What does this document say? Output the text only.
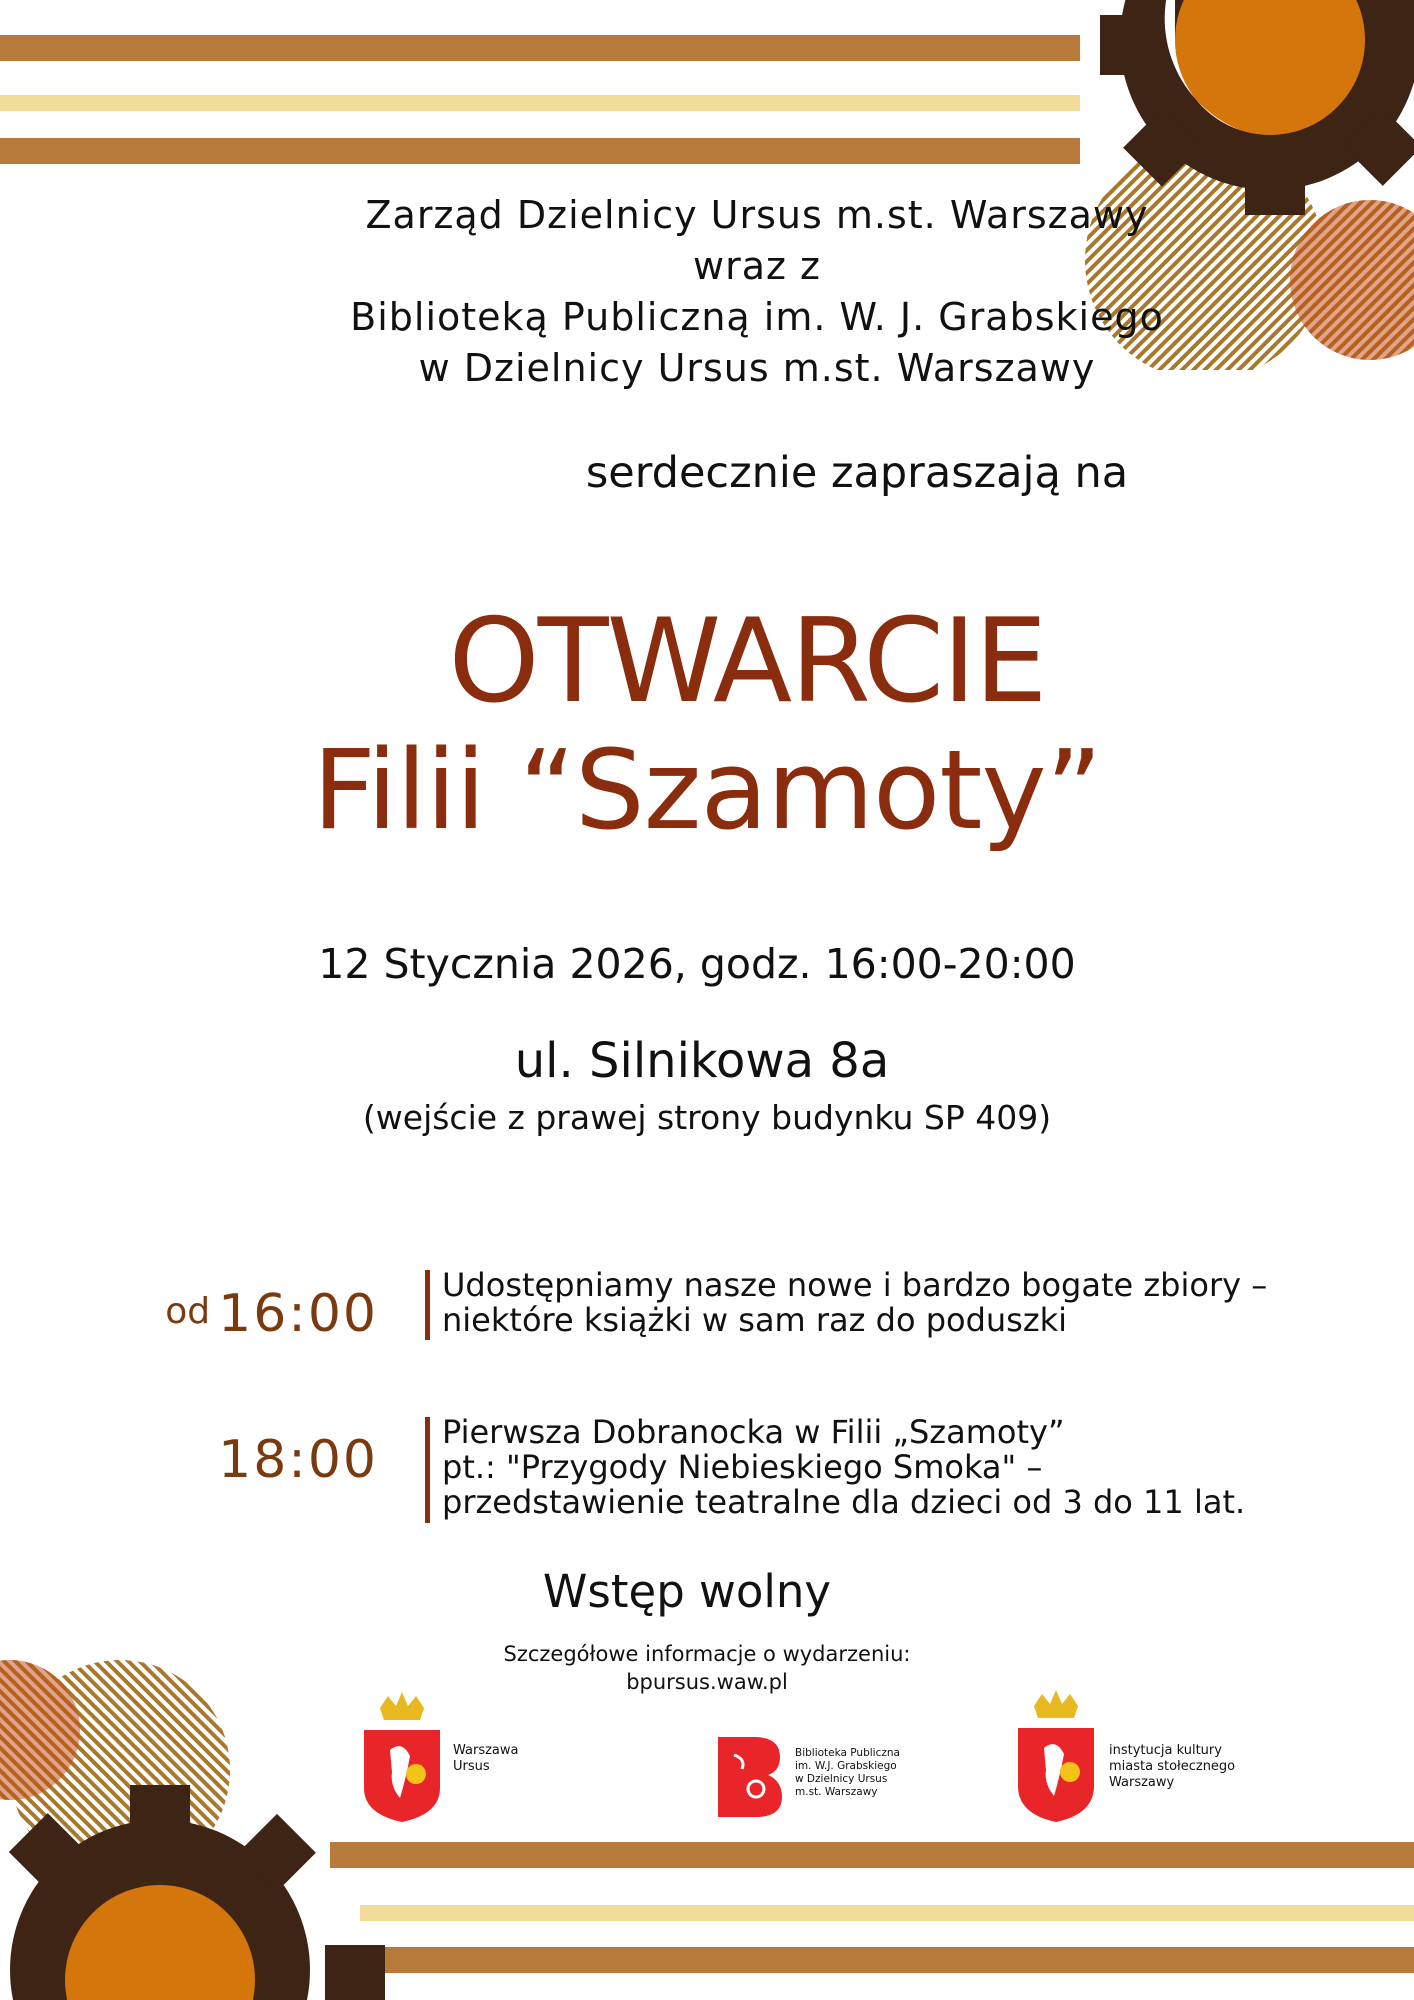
Zarząd Dzielnicy Ursus m.st. Warszawy
wraz z
Biblioteką Publiczną im. W. J. Grabskiego
w Dzielnicy Ursus m.st. Warszawy
serdecznie zapraszają na
OTWARCIE
Filii “Szamoty”
12 Stycznia 2026, godz. 16:00-20:00
ul. Silnikowa 8a
(wejście z prawej strony budynku SP 409)
od 16:00 Udostępniamy nasze nowe i bardzo bogate zbiory –
niektóre książki w sam raz do poduszki
18:00 Pierwsza Dobranocka w Filii „Szamoty”
pt.: "Przygody Niebieskiego Smoka" –
przedstawienie teatralne dla dzieci od 3 do 11 lat.
Wstęp wolny
Szczegółowe informacje o wydarzeniu:
bpursus.waw.pl
Warszawa
Ursus
Biblioteka Publiczna
im. W.J. Grabskiego
w Dzielnicy Ursus
m.st. Warszawy
instytucja kultury
miasta stołecznego
Warszawy
